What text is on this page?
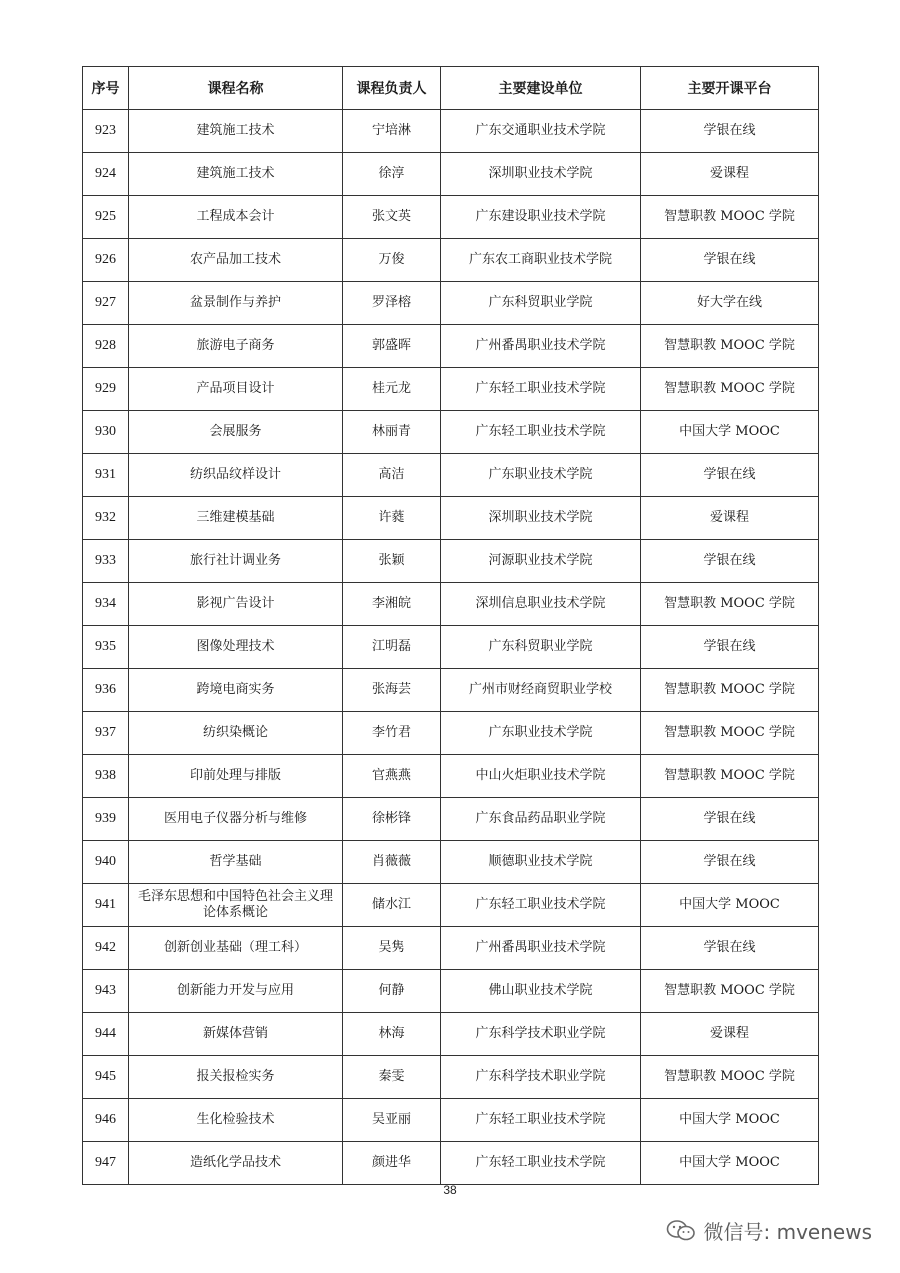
序号	课程名称	课程负责人	主要建设单位	主要开课平台
923	建筑施工技术	宁培淋	广东交通职业技术学院	学银在线
924	建筑施工技术	徐淳	深圳职业技术学院	爱课程
925	工程成本会计	张文英	广东建设职业技术学院	智慧职教 MOOC 学院
926	农产品加工技术	万俊	广东农工商职业技术学院	学银在线
927	盆景制作与养护	罗泽榕	广东科贸职业学院	好大学在线
928	旅游电子商务	郭盛晖	广州番禺职业技术学院	智慧职教 MOOC 学院
929	产品项目设计	桂元龙	广东轻工职业技术学院	智慧职教 MOOC 学院
930	会展服务	林丽青	广东轻工职业技术学院	中国大学 MOOC
931	纺织品纹样设计	高洁	广东职业技术学院	学银在线
932	三维建模基础	许蕤	深圳职业技术学院	爱课程
933	旅行社计调业务	张颖	河源职业技术学院	学银在线
934	影视广告设计	李湘皖	深圳信息职业技术学院	智慧职教 MOOC 学院
935	图像处理技术	江明磊	广东科贸职业学院	学银在线
936	跨境电商实务	张海芸	广州市财经商贸职业学校	智慧职教 MOOC 学院
937	纺织染概论	李竹君	广东职业技术学院	智慧职教 MOOC 学院
938	印前处理与排版	官燕燕	中山火炬职业技术学院	智慧职教 MOOC 学院
939	医用电子仪器分析与维修	徐彬锋	广东食品药品职业学院	学银在线
940	哲学基础	肖薇薇	顺德职业技术学院	学银在线
941	毛泽东思想和中国特色社会主义理论体系概论	储水江	广东轻工职业技术学院	中国大学 MOOC
942	创新创业基础（理工科）	吴隽	广州番禺职业技术学院	学银在线
943	创新能力开发与应用	何静	佛山职业技术学院	智慧职教 MOOC 学院
944	新媒体营销	林海	广东科学技术职业学院	爱课程
945	报关报检实务	秦雯	广东科学技术职业学院	智慧职教 MOOC 学院
946	生化检验技术	吴亚丽	广东轻工职业技术学院	中国大学 MOOC
947	造纸化学品技术	颜进华	广东轻工职业技术学院	中国大学 MOOC
38
微信号: mvenews
